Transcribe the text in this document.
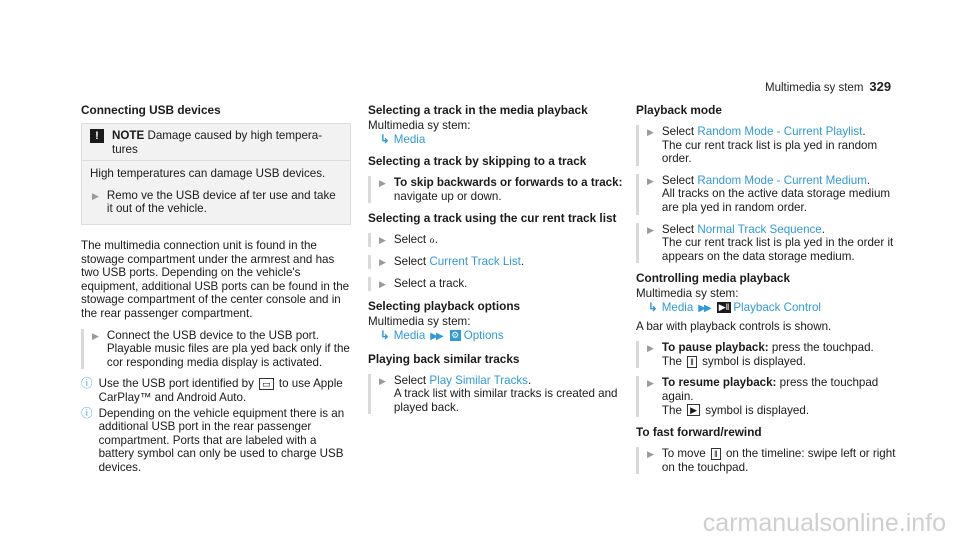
Multimedia sy stem 329
Connecting USB devices
!	NOTE Damage caused by high tempera‐ tures

High temperatures can damage USB devices.

▶ Remo ve the USB device af ter use and take it out of the vehicle.

The multimedia connection unit is found in the stowage compartment under the armrest and has two USB ports. Depending on the vehicle's equipment, additional USB ports can be found in the stowage compartment of the center console and in the rear passenger compartment.

▶ Connect the USB device to the USB port. Playable music files are pla yed back only if the cor responding media display is activated.
ⓘ Use the USB port identified by ▭ to use Apple CarPlay™ and Android Auto.
ⓘ Depending on the vehicle equipment there is an additional USB port in the rear passenger compartment. Ports that are labeled with a battery symbol can only be used to charge USB devices.
Selecting a track in the media playback
Multimedia sy stem:
↳ Media
Selecting a track by skipping to a track
▶ To skip backwards or forwards to a track: navigate up or down.
Selecting a track using the cur rent track list
▶ Select ℴ.
▶ Select Current Track List.
▶ Select a track.
Selecting playback options
Multimedia sy stem:
↳ Media ▶▶ ⚙ Options
Playing back similar tracks
▶ Select Play Similar Tracks.
A track list with similar tracks is created and played back.
Playback mode
▶ Select Random Mode - Current Playlist.
The cur rent track list is pla yed in random order.
▶ Select Random Mode - Current Medium.
All tracks on the active data storage medium are pla yed in random order.
▶ Select Normal Track Sequence.
The cur rent track list is pla yed in the order it appears on the data storage medium.
Controlling media playback
Multimedia sy stem:
↳ Media ▶▶ ▶‖ Playback Control

A bar with playback controls is shown.

▶ To pause playback: press the touchpad.
The ‖ symbol is displayed.
▶ To resume playback: press the touchpad again.
The ▶ symbol is displayed.
To fast forward/rewind
▶ To move ‖ on the timeline: swipe left or right on the touchpad.
carmanualsonline.info
